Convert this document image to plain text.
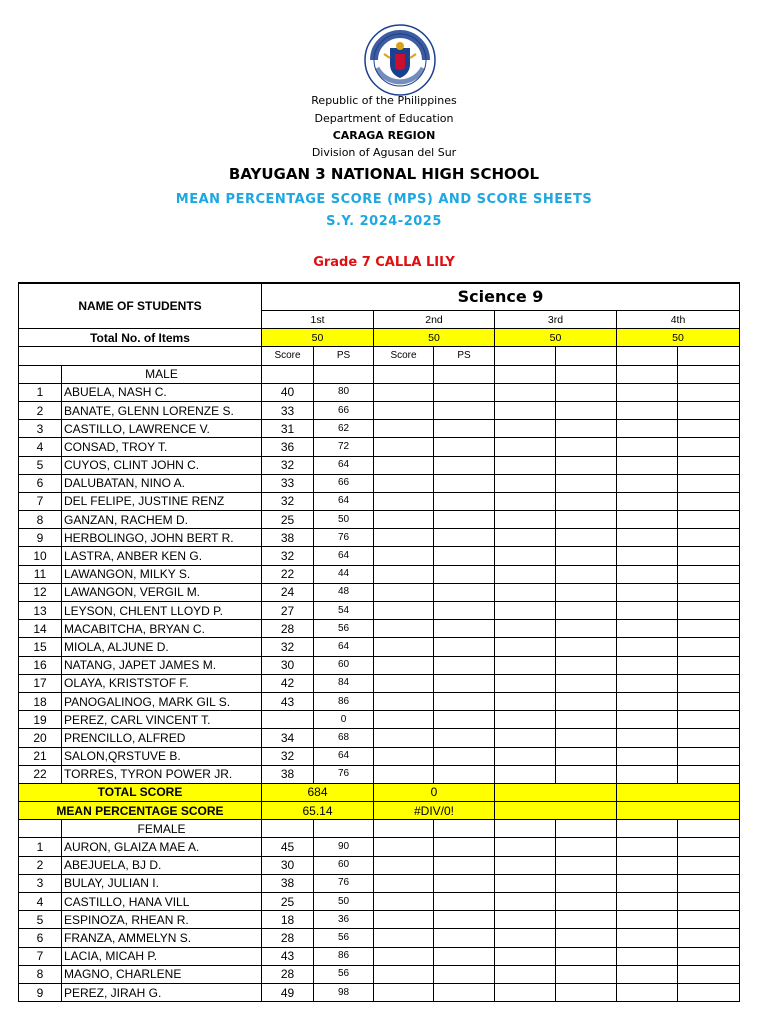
Republic of the Philippines
Department of Education
CARAGA REGION
Division of Agusan del Sur
BAYUGAN 3 NATIONAL HIGH SCHOOL
MEAN PERCENTAGE SCORE (MPS) AND SCORE SHEETS
S.Y. 2024-2025
Grade 7 CALLA LILY
NAME OF STUDENTS		Science 9							
		1st		2nd		3rd		4th	
Total No. of Items		50		50		50		50	
		Score	PS	Score	PS				
	MALE								
1	ABUELA, NASH C.	40	80						
2	BANATE, GLENN LORENZE S.	33	66						
3	CASTILLO, LAWRENCE V.	31	62						
4	CONSAD, TROY T.	36	72						
5	CUYOS, CLINT JOHN C.	32	64						
6	DALUBATAN, NINO A.	33	66						
7	DEL FELIPE, JUSTINE RENZ	32	64						
8	GANZAN, RACHEM D.	25	50						
9	HERBOLINGO, JOHN BERT R.	38	76						
10	LASTRA, ANBER KEN G.	32	64						
11	LAWANGON, MILKY S.	22	44						
12	LAWANGON, VERGIL M.	24	48						
13	LEYSON, CHLENT LLOYD P.	27	54						
14	MACABITCHA, BRYAN C.	28	56						
15	MIOLA, ALJUNE D.	32	64						
16	NATANG, JAPET JAMES M.	30	60						
17	OLAYA, KRISTSTOF F.	42	84						
18	PANOGALINOG, MARK GIL S.	43	86						
19	PEREZ, CARL VINCENT T.		0						
20	PRENCILLO, ALFRED	34	68						
21	SALON,QRSTUVE B.	32	64						
22	TORRES, TYRON POWER JR.	38	76						
TOTAL SCORE		684		0					
MEAN PERCENTAGE SCORE		65.14		#DIV/0!					
	FEMALE								
1	AURON, GLAIZA MAE A.	45	90						
2	ABEJUELA, BJ D.	30	60						
3	BULAY, JULIAN I.	38	76						
4	CASTILLO, HANA VILL	25	50						
5	ESPINOZA, RHEAN R.	18	36						
6	FRANZA, AMMELYN S.	28	56						
7	LACIA, MICAH P.	43	86						
8	MAGNO, CHARLENE	28	56						
9	PEREZ, JIRAH G.	49	98						
